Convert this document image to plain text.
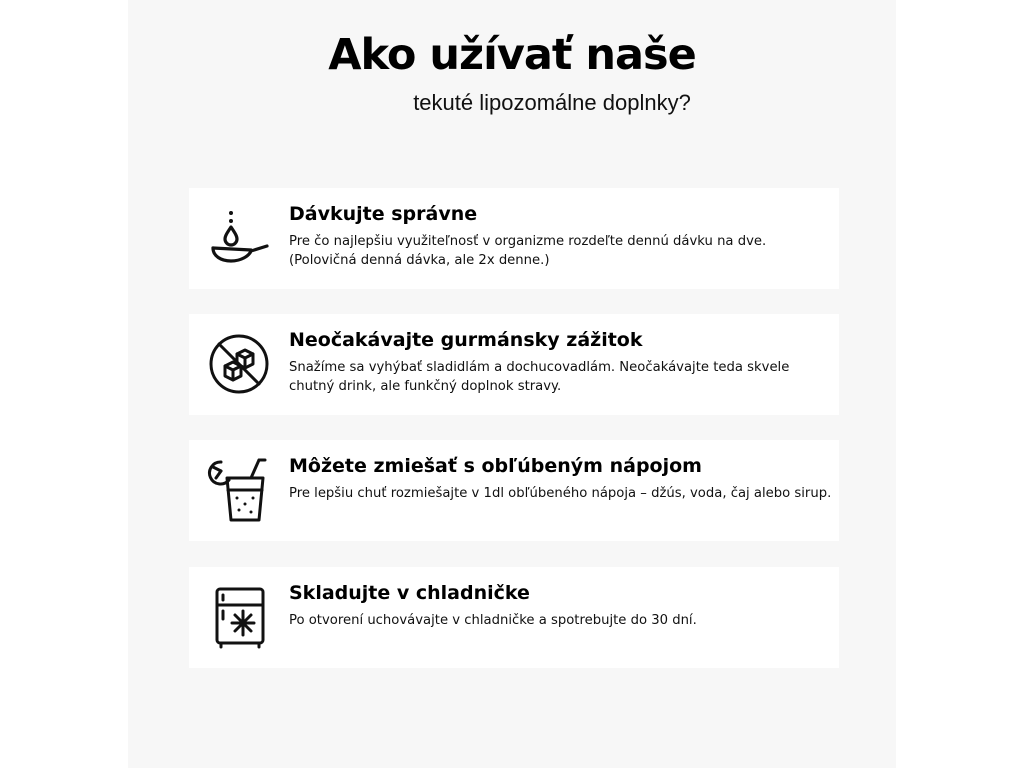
Ako užívať naše

tekuté lipozomálne doplnky?

Dávkujte správne

Pre čo najlepšiu využiteľnosť v organizme rozdeľte dennú dávku na dve. (Polovičná denná dávka, ale 2x denne.)

Neočakávajte gurmánsky zážitok

Snažíme sa vyhýbať sladidlám a dochucovadlám. Neočakávajte teda skvele chutný drink, ale funkčný doplnok stravy.

Môžete zmiešať s obľúbeným nápojom

Pre lepšiu chuť rozmiešajte v 1dl obľúbeného nápoja – džús, voda, čaj alebo sirup.

Skladujte v chladničke

Po otvorení uchovávajte v chladničke a spotrebujte do 30 dní.
